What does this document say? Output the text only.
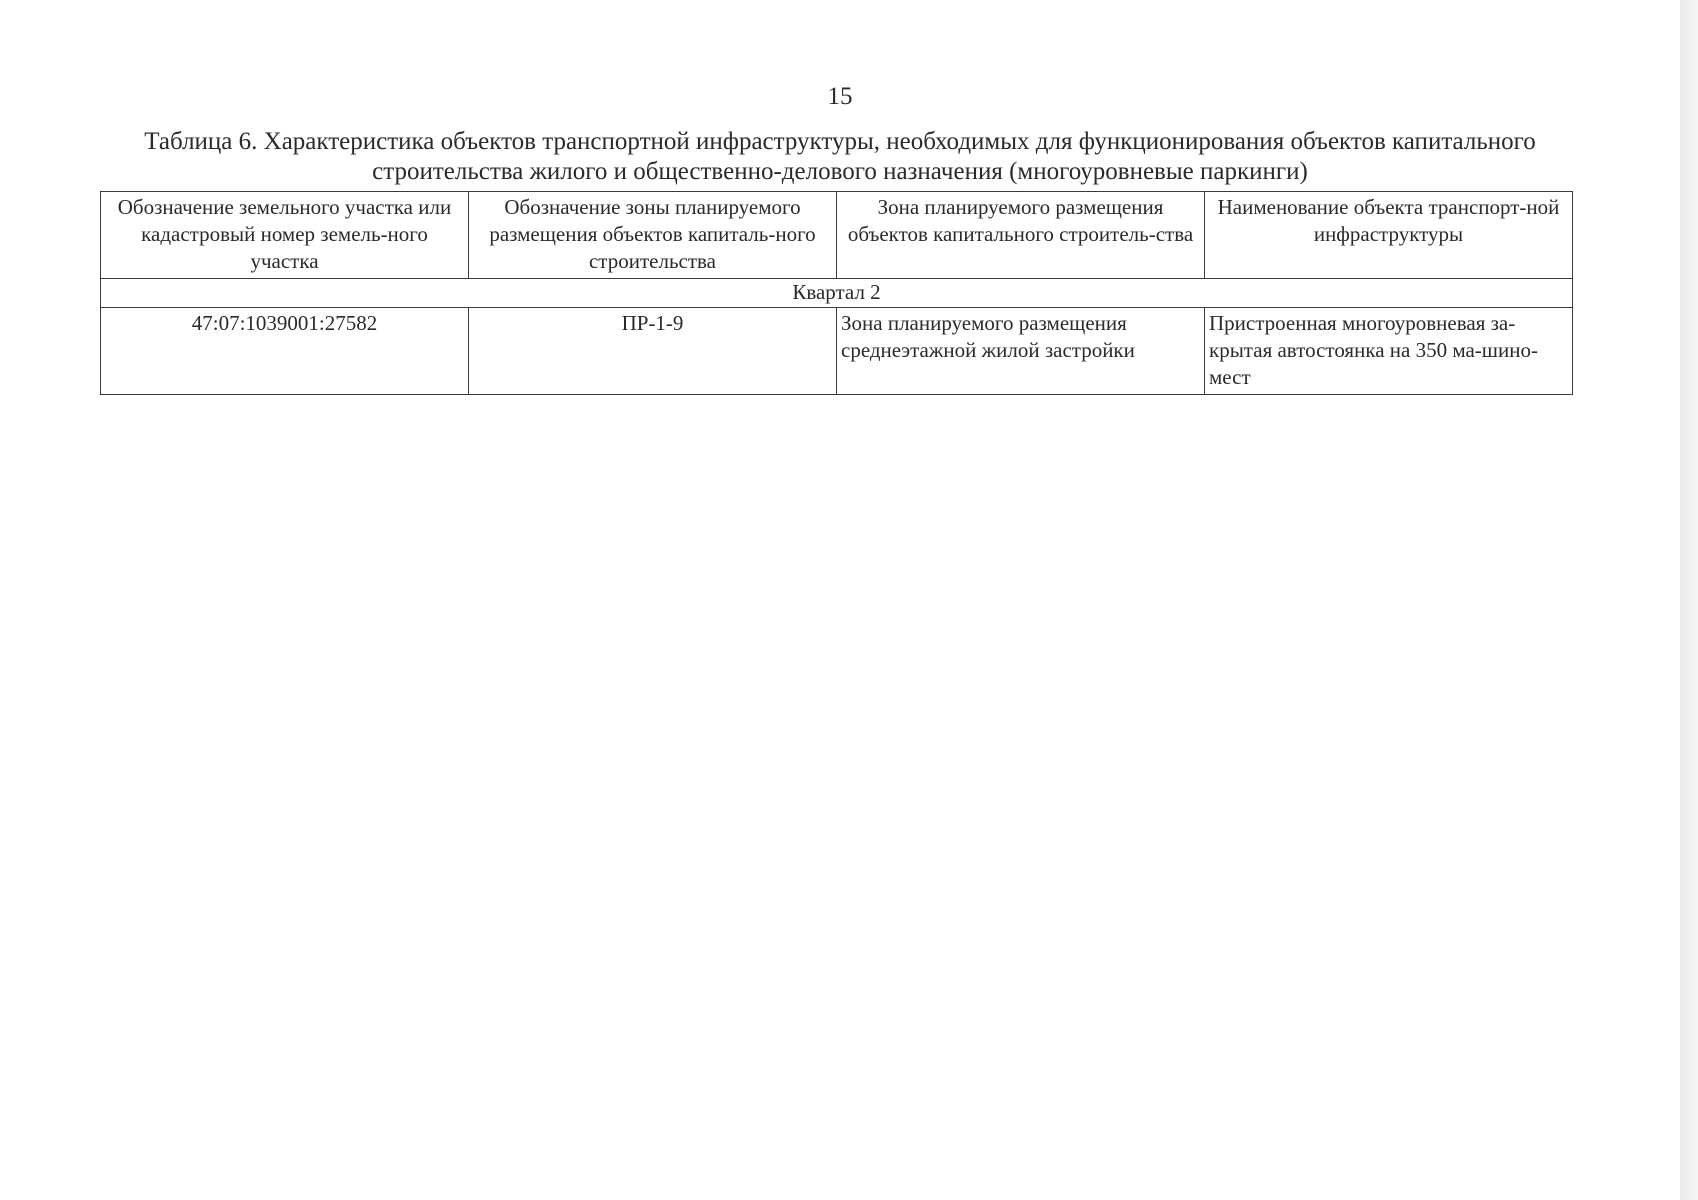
15
Таблица 6. Характеристика объектов транспортной инфраструктуры, необходимых для функционирования объектов капитального строительства жилого и общественно-делового назначения (многоуровневые паркинги)
Обозначение земельного участка или кадастровый номер земель-ного участка	Обозначение зоны планируемого размещения объектов капиталь-ного строительства	Зона планируемого размещения объектов капитального строитель-ства	Наименование объекта транспорт-ной инфраструктуры
Квартал 2			
47:07:1039001:27582	ПР-1-9	Зона планируемого размещения среднеэтажной жилой застройки	Пристроенная многоуровневая за-крытая автостоянка на 350 ма-шино-мест
